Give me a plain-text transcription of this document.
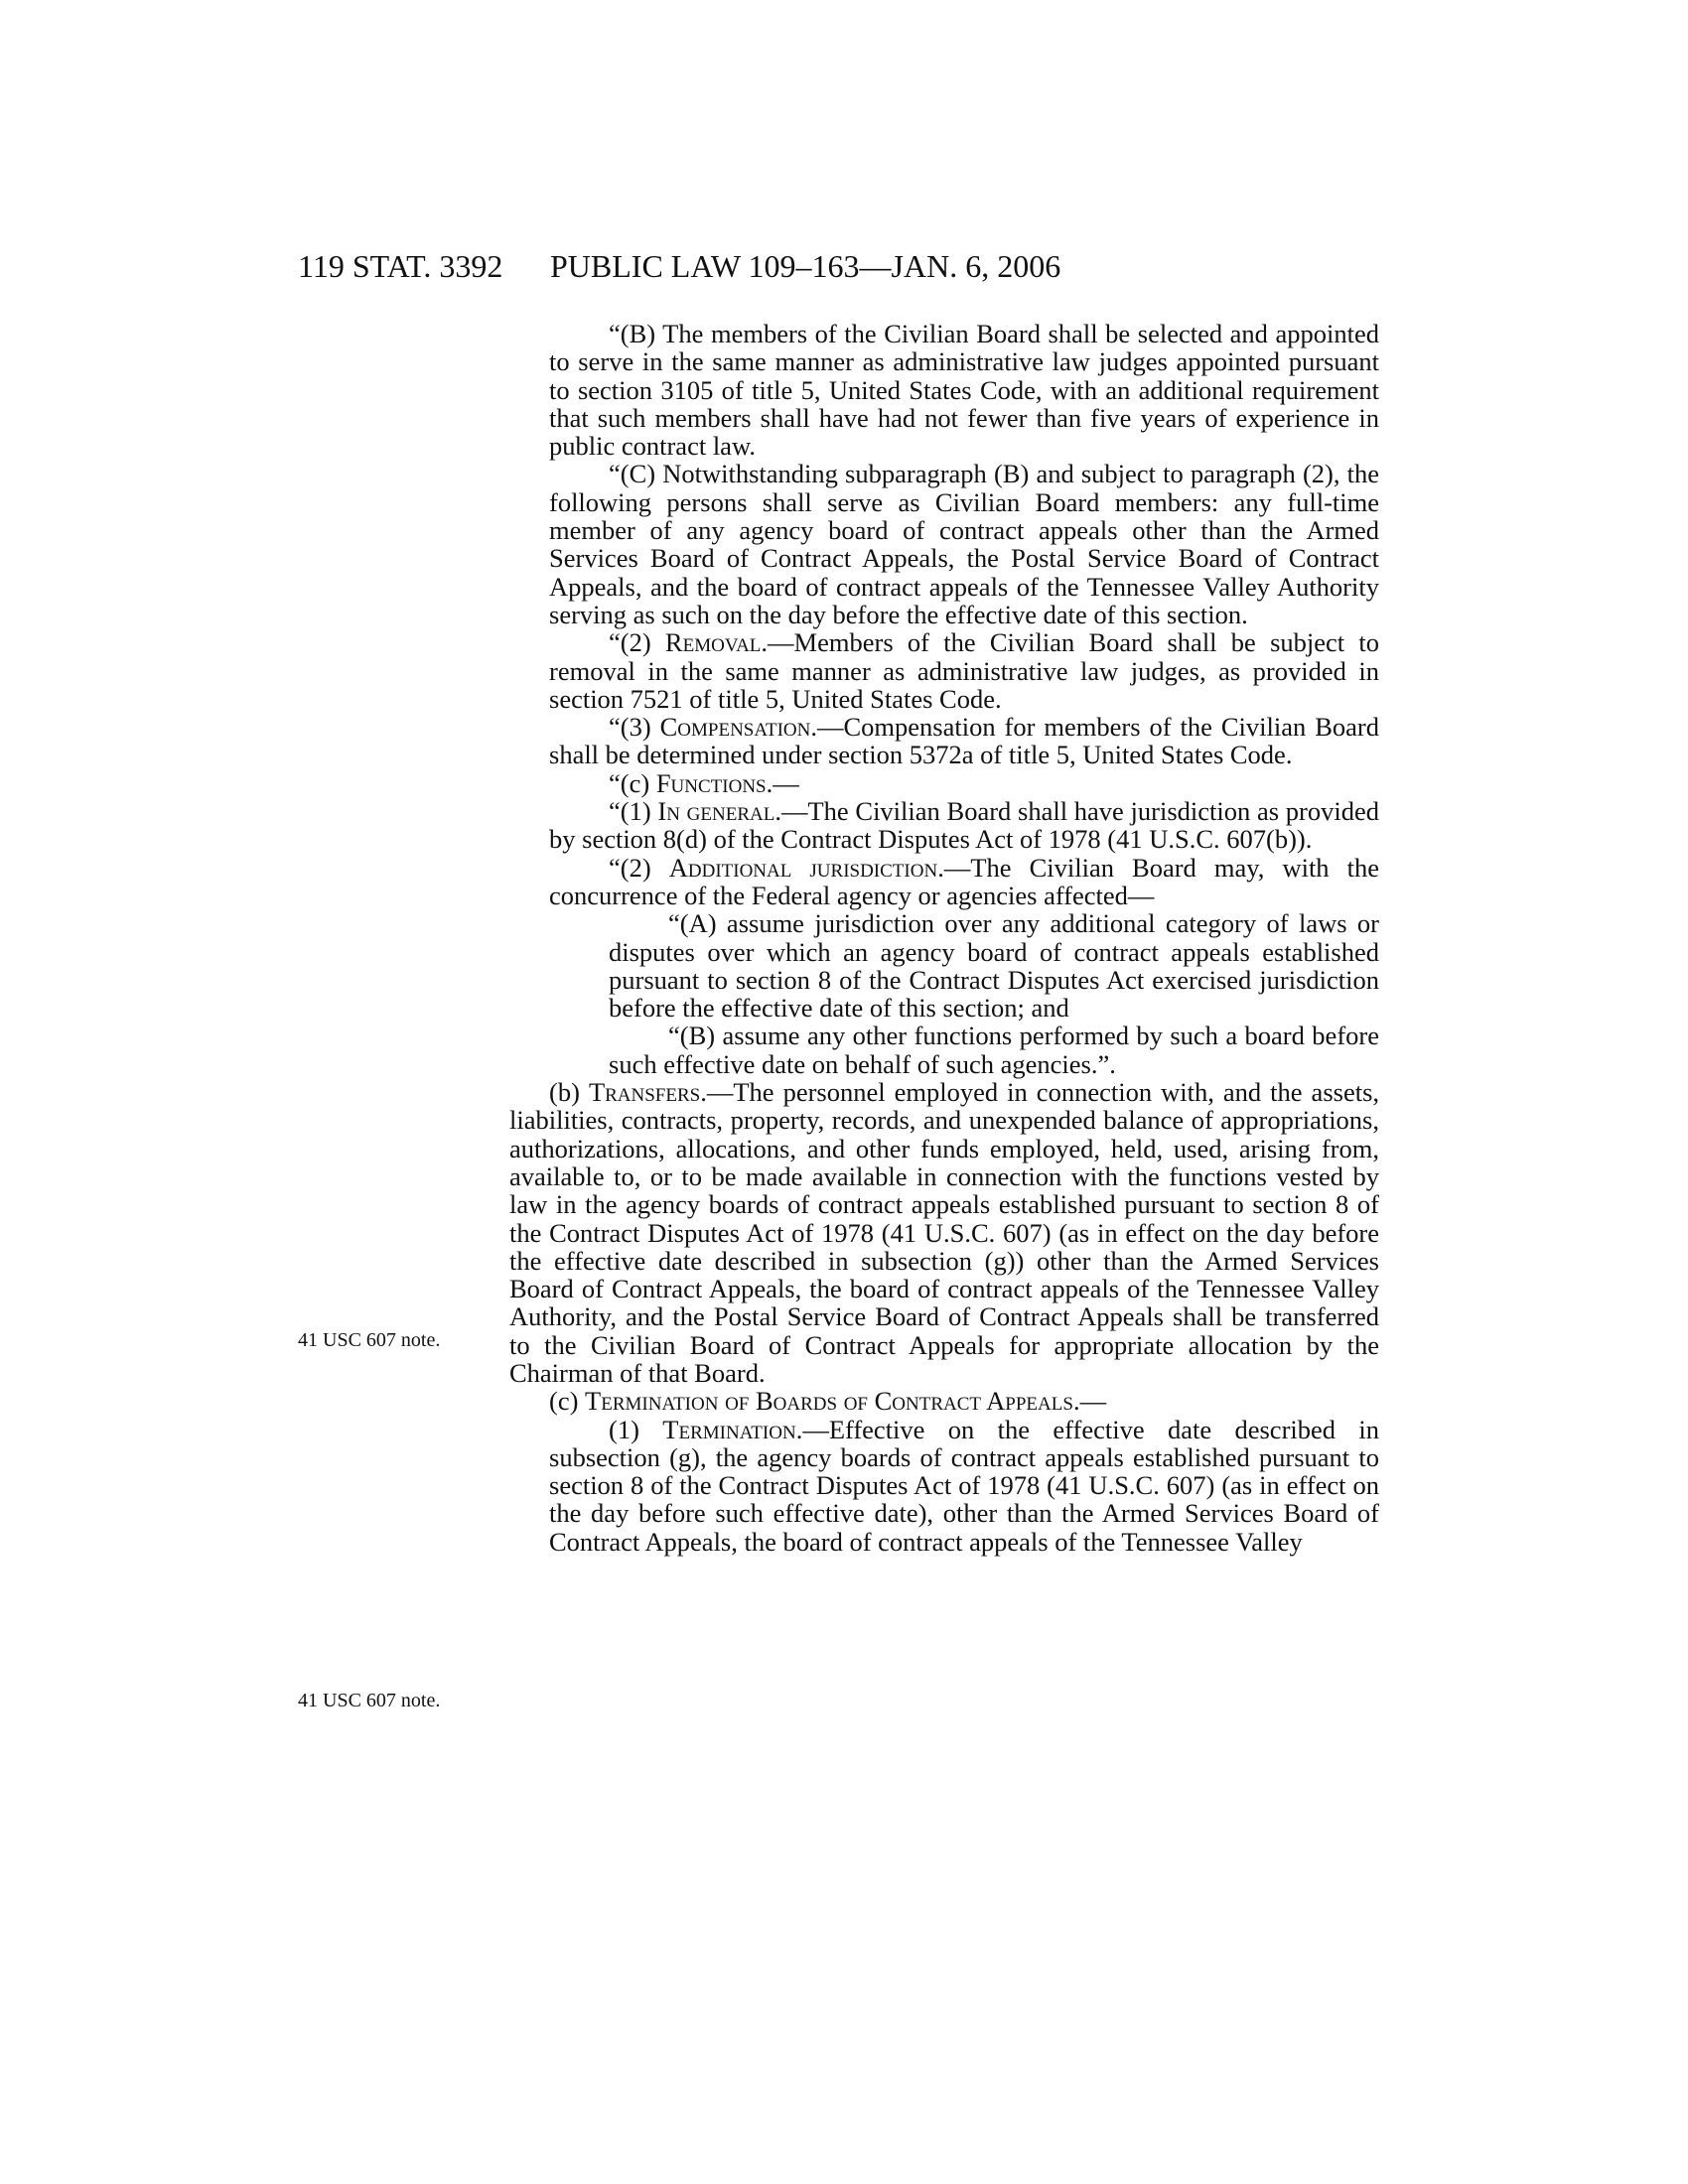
119 STAT. 3392 PUBLIC LAW 109–163—JAN. 6, 2006
41 USC 607 note.
41 USC 607 note.

“(B) The members of the Civilian Board shall be selected and appointed to serve in the same manner as administrative law judges appointed pursuant to section 3105 of title 5, United States Code, with an additional requirement that such members shall have had not fewer than five years of experience in public contract law.

“(C) Notwithstanding subparagraph (B) and subject to paragraph (2), the following persons shall serve as Civilian Board members: any full-time member of any agency board of contract appeals other than the Armed Services Board of Contract Appeals, the Postal Service Board of Contract Appeals, and the board of contract appeals of the Tennessee Valley Authority serving as such on the day before the effective date of this section.

“(2) Removal.—Members of the Civilian Board shall be subject to removal in the same manner as administrative law judges, as provided in section 7521 of title 5, United States Code.

“(3) Compensation.—Compensation for members of the Civilian Board shall be determined under section 5372a of title 5, United States Code.

“(c) Functions.—

“(1) In general.—The Civilian Board shall have jurisdiction as provided by section 8(d) of the Contract Disputes Act of 1978 (41 U.S.C. 607(b)).

“(2) Additional jurisdiction.—The Civilian Board may, with the concurrence of the Federal agency or agencies affected—

“(A) assume jurisdiction over any additional category of laws or disputes over which an agency board of contract appeals established pursuant to section 8 of the Contract Disputes Act exercised jurisdiction before the effective date of this section; and

“(B) assume any other functions performed by such a board before such effective date on behalf of such agencies.”.

(b) Transfers.—The personnel employed in connection with, and the assets, liabilities, contracts, property, records, and unexpended balance of appropriations, authorizations, allocations, and other funds employed, held, used, arising from, available to, or to be made available in connection with the functions vested by law in the agency boards of contract appeals established pursuant to section 8 of the Contract Disputes Act of 1978 (41 U.S.C. 607) (as in effect on the day before the effective date described in subsection (g)) other than the Armed Services Board of Contract Appeals, the board of contract appeals of the Tennessee Valley Authority, and the Postal Service Board of Contract Appeals shall be transferred to the Civilian Board of Contract Appeals for appropriate allocation by the Chairman of that Board.

(c) Termination of Boards of Contract Appeals.—

(1) Termination.—Effective on the effective date described in subsection (g), the agency boards of contract appeals established pursuant to section 8 of the Contract Disputes Act of 1978 (41 U.S.C. 607) (as in effect on the day before such effective date), other than the Armed Services Board of Contract Appeals, the board of contract appeals of the Tennessee Valley
